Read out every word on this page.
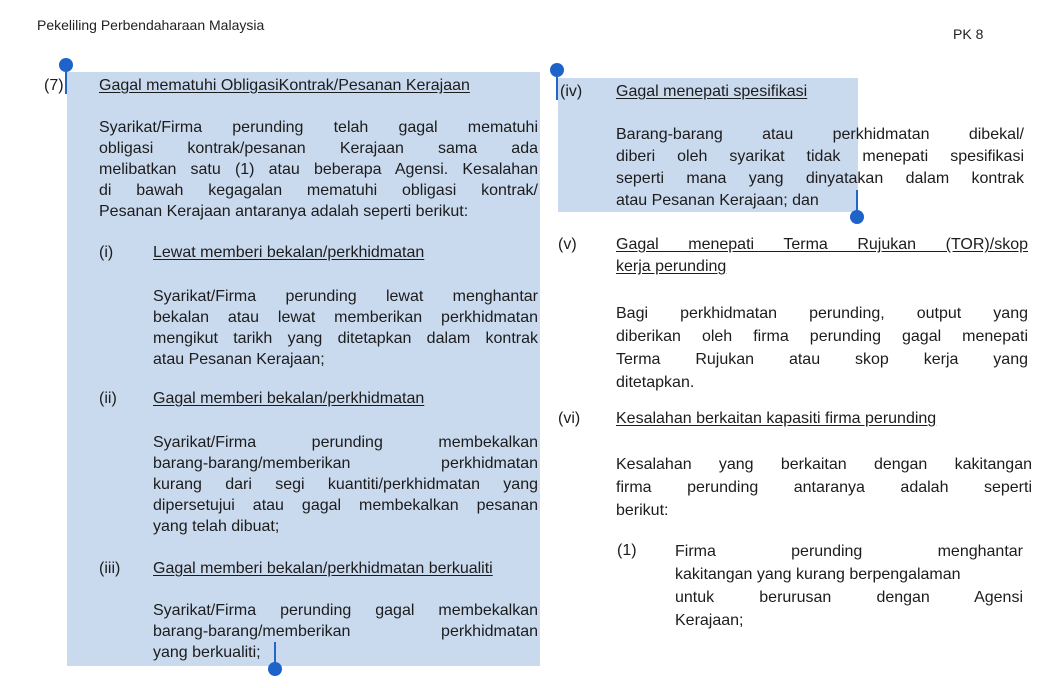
Pekeliling Perbendaharaan Malaysia
PK 8
(7) Gagal mematuhi ObligasiKontrak/Pesanan Kerajaan
Syarikat/Firma perunding telah gagal mematuhi
obligasi kontrak/pesanan Kerajaan sama ada
melibatkan satu (1) atau beberapa Agensi. Kesalahan
di bawah kegagalan mematuhi obligasi kontrak/
Pesanan Kerajaan antaranya adalah seperti berikut:
(i) Lewat memberi bekalan/perkhidmatan
Syarikat/Firma perunding lewat menghantar
bekalan atau lewat memberikan perkhidmatan
mengikut tarikh yang ditetapkan dalam kontrak
atau Pesanan Kerajaan;
(ii) Gagal memberi bekalan/perkhidmatan
Syarikat/Firma perunding membekalkan
barang-barang/memberikan perkhidmatan
kurang dari segi kuantiti/perkhidmatan yang
dipersetujui atau gagal membekalkan pesanan
yang telah dibuat;
(iii) Gagal memberi bekalan/perkhidmatan berkualiti
Syarikat/Firma perunding gagal membekalkan
barang-barang/memberikan perkhidmatan
yang berkualiti;
(iv) Gagal menepati spesifikasi
Barang-barang atau perkhidmatan dibekal/
diberi oleh syarikat tidak menepati spesifikasi
seperti mana yang dinyatakan dalam kontrak
atau Pesanan Kerajaan; dan
(v) Gagal menepati Terma Rujukan (TOR)/skop
kerja perunding
Bagi perkhidmatan perunding, output yang
diberikan oleh firma perunding gagal menepati
Terma Rujukan atau skop kerja yang
ditetapkan.
(vi) Kesalahan berkaitan kapasiti firma perunding
Kesalahan yang berkaitan dengan kakitangan
firma perunding antaranya adalah seperti
berikut:
(1) Firma perunding menghantar
kakitangan yang kurang berpengalaman
untuk berurusan dengan Agensi
Kerajaan;
